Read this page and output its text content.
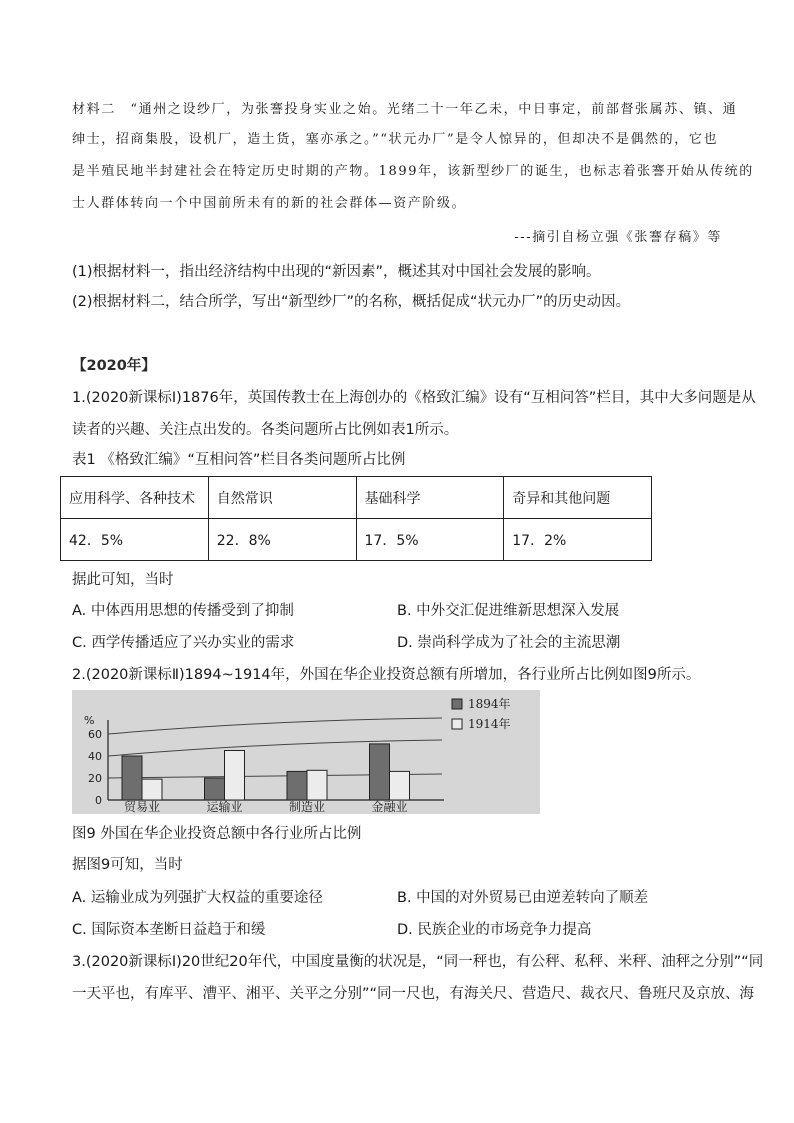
材料二　“通州之设纱厂，为张謇投身实业之始。光绪二十一年乙未，中日事定，前部督张属苏、镇、通
绅士，招商集股，设机厂，造土货，塞亦承之。”“状元办厂”是令人惊异的，但却决不是偶然的，它也
是半殖民地半封建社会在特定历史时期的产物。1899年，该新型纱厂的诞生，也标志着张謇开始从传统的
士人群体转向一个中国前所未有的新的社会群体—资产阶级。
---摘引自杨立强《张謇存稿》等
(1)根据材料一，指出经济结构中出现的“新因素”，概述其对中国社会发展的影响。
(2)根据材料二，结合所学，写出“新型纱厂”的名称，概括促成“状元办厂”的历史动因。
【2020年】
1.(2020新课标Ⅰ)1876年，英国传教士在上海创办的《格致汇编》设有“互相问答”栏目，其中大多问题是从
读者的兴趣、关注点出发的。各类问题所占比例如表1所示。
表1 《格致汇编》“互相问答”栏目各类问题所占比例
应用科学、各种技术	自然常识	基础科学	奇异和其他问题
42．5%	22．8%	17．5%	17．2%
据此可知，当时
A. 中体西用思想的传播受到了抑制	B. 中外交汇促进维新思想深入发展
C. 西学传播适应了兴办实业的需求	D. 崇尚科学成为了社会的主流思潮
2.(2020新课标Ⅱ)1894~1914年，外国在华企业投资总额有所增加，各行业所占比例如图9所示。
%
60
40
20
0 贸易业	运输业	制造业	金融业
1894年
1914年
图9 外国在华企业投资总额中各行业所占比例
据图9可知，当时
A. 运输业成为列强扩大权益的重要途径	B. 中国的对外贸易已由逆差转向了顺差
C. 国际资本垄断日益趋于和缓	D. 民族企业的市场竞争力提高
3.(2020新课标Ⅰ)20世纪20年代，中国度量衡的状况是，“同一秤也，有公秤、私秤、米秤、油秤之分别”“同
一天平也，有库平、漕平、湘平、关平之分别”“同一尺也，有海关尺、营造尺、裁衣尺、鲁班尺及京放、海
